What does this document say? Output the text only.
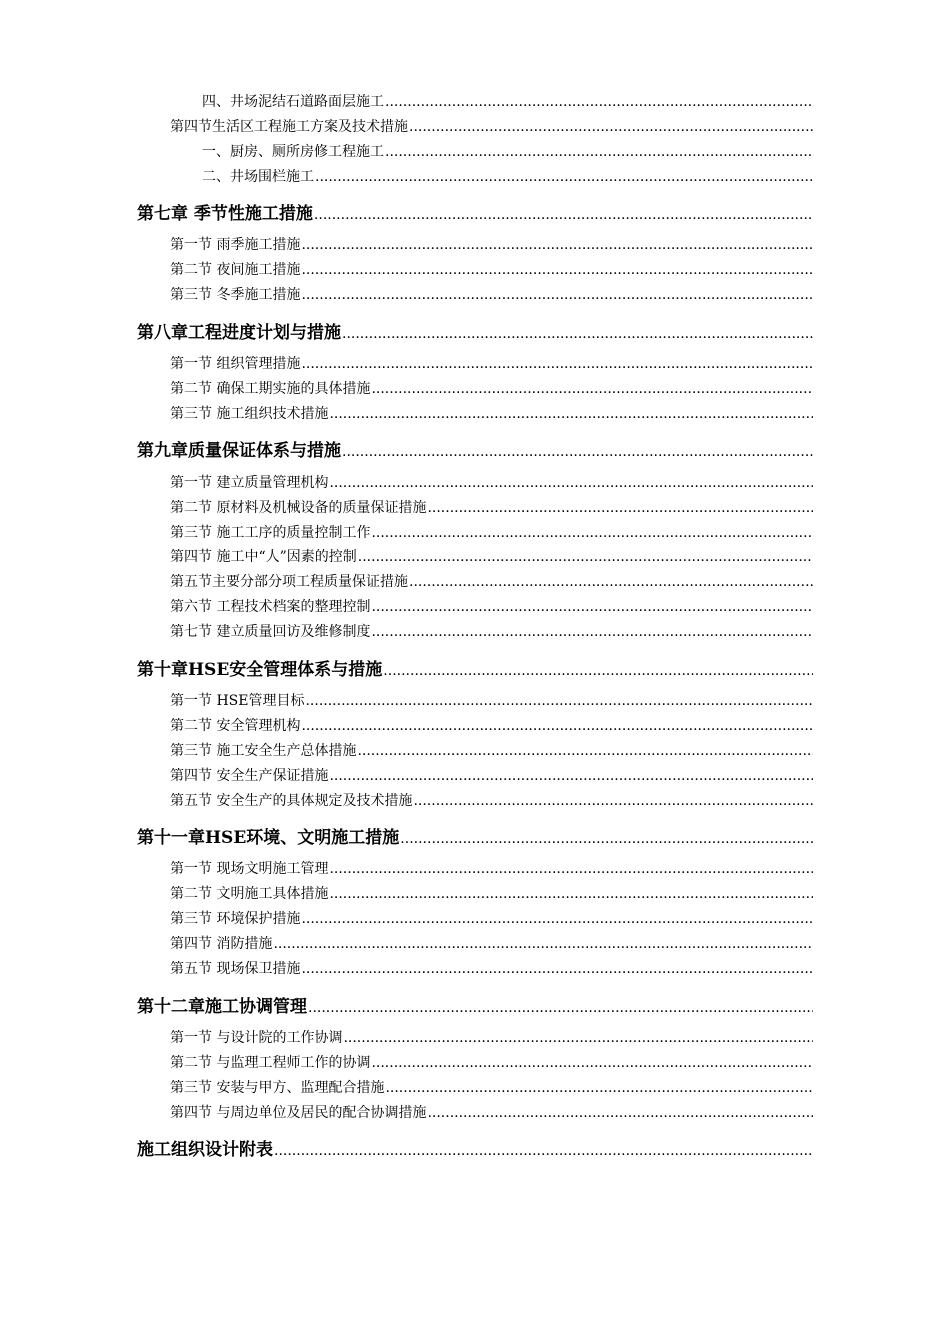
四、井场泥结石道路面层施工
.....
第四节生活区工程施工方案及技术措施
.....
一、厨房、厕所房修工程施工
.....
二、井场围栏施工
.....
第七章 季节性施工措施
.....
第一节 雨季施工措施
.....
第二节 夜间施工措施
.....
第三节 冬季施工措施
.....
第八章工程进度计划与措施
.....
第一节 组织管理措施
.....
第二节 确保工期实施的具体措施
.....
第三节 施工组织技术措施
.....
第九章质量保证体系与措施
.....
第一节 建立质量管理机构
.....
第二节 原材料及机械设备的质量保证措施
.....
第三节 施工工序的质量控制工作
.....
第四节 施工中“人”因素的控制
.....
第五节主要分部分项工程质量保证措施
.....
第六节 工程技术档案的整理控制
.....
第七节 建立质量回访及维修制度
.....
第十章HSE安全管理体系与措施
.....
第一节 HSE管理目标
.....
第二节 安全管理机构
.....
第三节 施工安全生产总体措施
.....
第四节 安全生产保证措施
.....
第五节 安全生产的具体规定及技术措施
.....
第十一章HSE环境、文明施工措施
.....
第一节 现场文明施工管理
.....
第二节 文明施工具体措施
.....
第三节 环境保护措施
.....
第四节 消防措施
.....
第五节 现场保卫措施
.....
第十二章施工协调管理
.....
第一节 与设计院的工作协调
.....
第二节 与监理工程师工作的协调
.....
第三节 安装与甲方、监理配合措施
.....
第四节 与周边单位及居民的配合协调措施
.....
施工组织设计附表
.....
